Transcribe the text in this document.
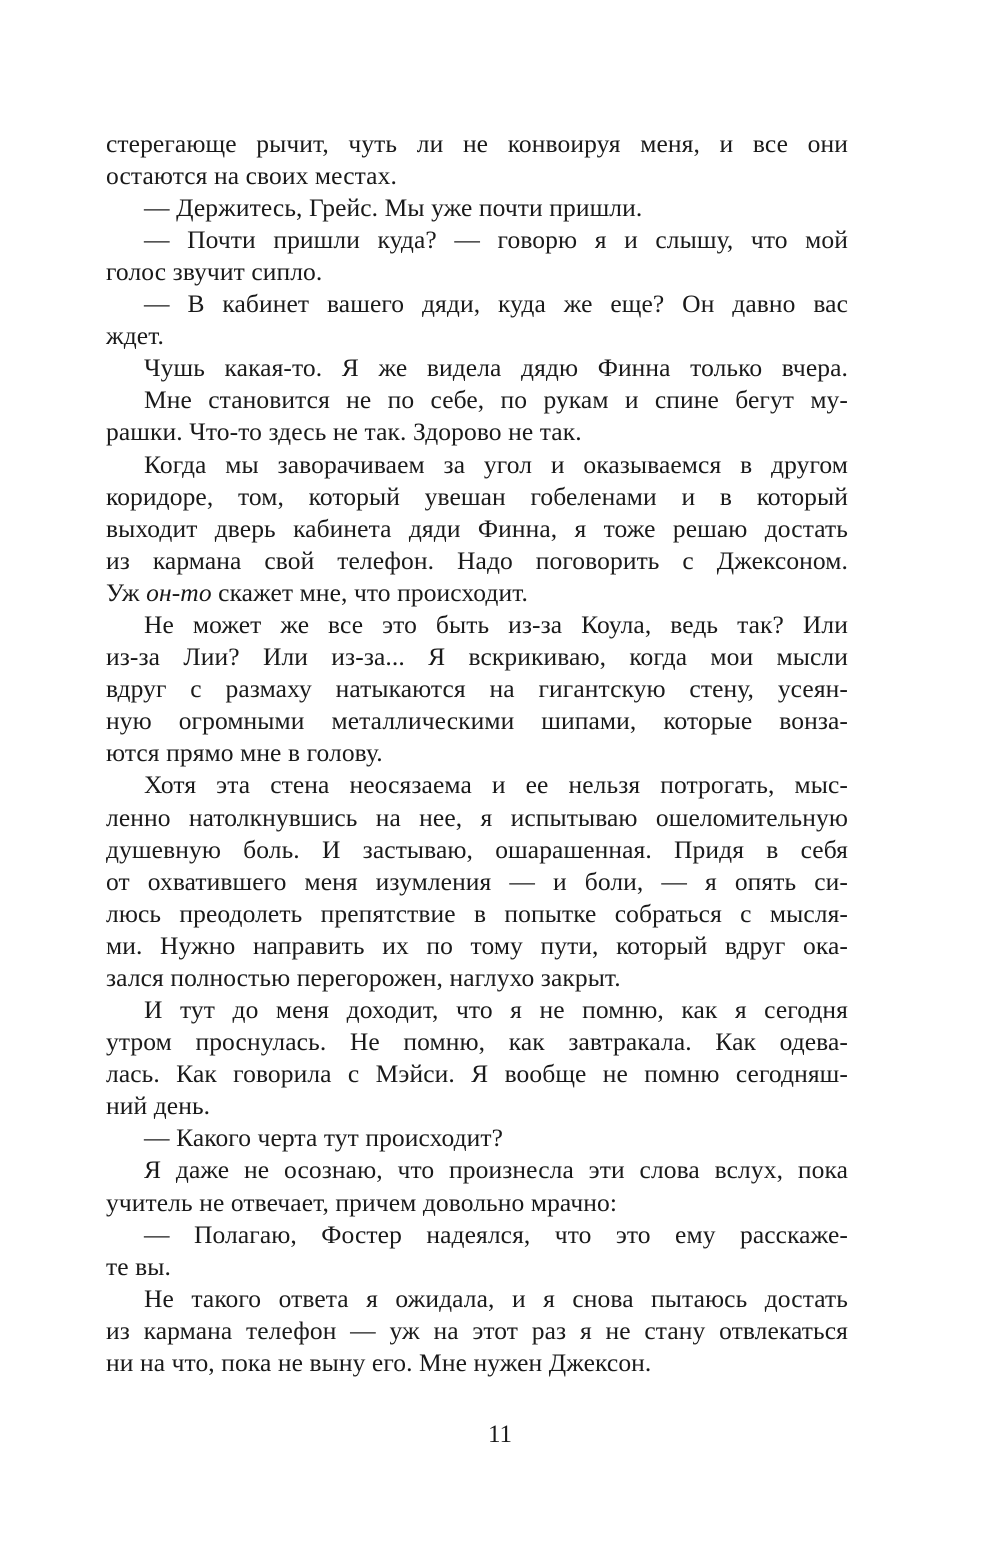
стерегающе рычит, чуть ли не конвоируя меня, и все они
остаются на своих местах.
— Держитесь, Грейс. Мы уже почти пришли.
— Почти пришли куда? — говорю я и слышу, что мой
голос звучит сипло.
— В кабинет вашего дяди, куда же еще? Он давно вас
ждет.
Чушь какая-то. Я же видела дядю Финна только вчера.
Мне становится не по себе, по рукам и спине бегут му-
рашки. Что-то здесь не так. Здорово не так.
Когда мы заворачиваем за угол и оказываемся в другом
коридоре, том, который увешан гобеленами и в который
выходит дверь кабинета дяди Финна, я тоже решаю достать
из кармана свой телефон. Надо поговорить с Джексоном.
Уж он-то скажет мне, что происходит.
Не может же все это быть из-за Коула, ведь так? Или
из-за Лии? Или из-за... Я вскрикиваю, когда мои мысли
вдруг с размаху натыкаются на гигантскую стену, усеян-
ную огромными металлическими шипами, которые вонза-
ются прямо мне в голову.
Хотя эта стена неосязаема и ее нельзя потрогать, мыс-
ленно натолкнувшись на нее, я испытываю ошеломительную
душевную боль. И застываю, ошарашенная. Придя в себя
от охватившего меня изумления — и боли, — я опять си-
люсь преодолеть препятствие в попытке собраться с мысля-
ми. Нужно направить их по тому пути, который вдруг ока-
зался полностью перегорожен, наглухо закрыт.
И тут до меня доходит, что я не помню, как я сегодня
утром проснулась. Не помню, как завтракала. Как одева-
лась. Как говорила с Мэйси. Я вообще не помню сегодняш-
ний день.
— Какого черта тут происходит?
Я даже не осознаю, что произнесла эти слова вслух, пока
учитель не отвечает, причем довольно мрачно:
— Полагаю, Фостер надеялся, что это ему расскаже-
те вы.
Не такого ответа я ожидала, и я снова пытаюсь достать
из кармана телефон — уж на этот раз я не стану отвлекаться
ни на что, пока не выну его. Мне нужен Джексон.
11
